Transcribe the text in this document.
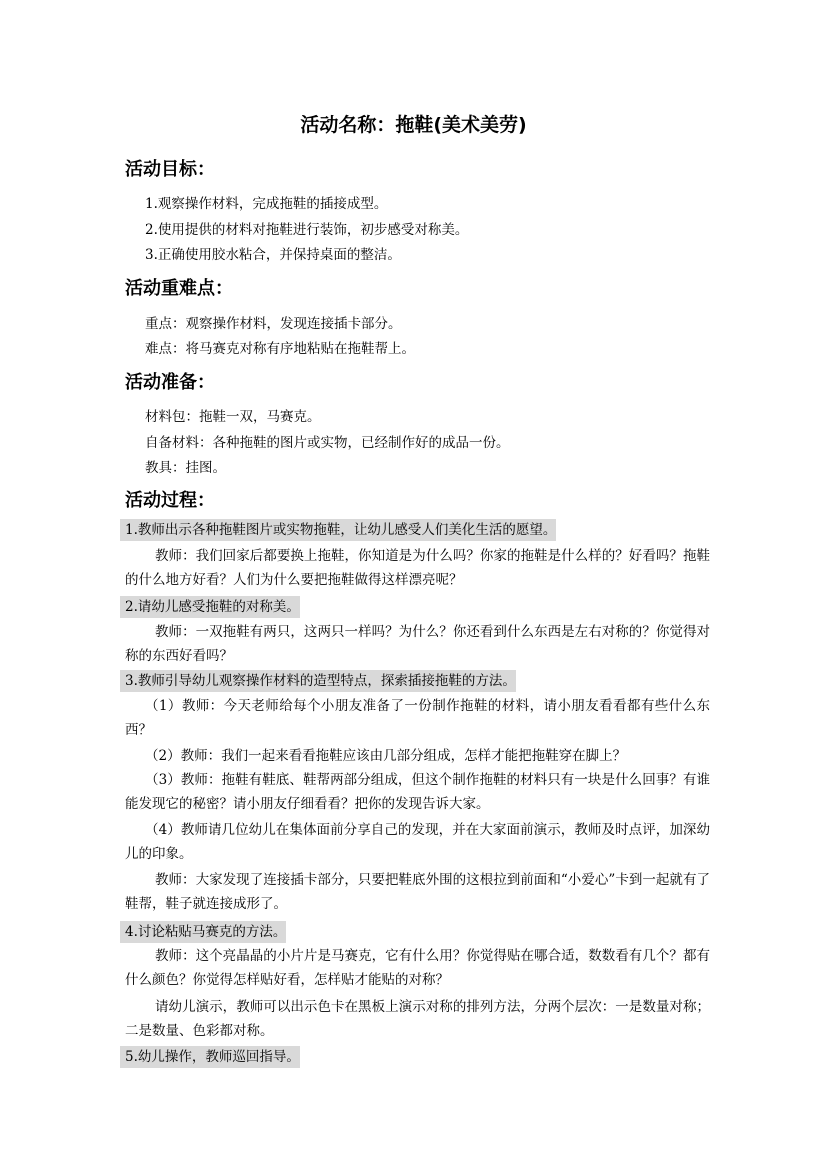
活动名称：拖鞋(美术美劳)
活动目标：
1.观察操作材料，完成拖鞋的插接成型。
2.使用提供的材料对拖鞋进行装饰，初步感受对称美。
3.正确使用胶水粘合，并保持桌面的整洁。
活动重难点：
重点：观察操作材料，发现连接插卡部分。
难点：将马赛克对称有序地粘贴在拖鞋帮上。
活动准备：
材料包：拖鞋一双，马赛克。
自备材料：各种拖鞋的图片或实物，已经制作好的成品一份。
教具：挂图。
活动过程：
1.教师出示各种拖鞋图片或实物拖鞋，让幼儿感受人们美化生活的愿望。
教师：我们回家后都要换上拖鞋，你知道是为什么吗？你家的拖鞋是什么样的？好看吗？拖鞋的什么地方好看？人们为什么要把拖鞋做得这样漂亮呢？
2.请幼儿感受拖鞋的对称美。
教师：一双拖鞋有两只，这两只一样吗？为什么？你还看到什么东西是左右对称的？你觉得对称的东西好看吗？
3.教师引导幼儿观察操作材料的造型特点，探索插接拖鞋的方法。
（1）教师：今天老师给每个小朋友准备了一份制作拖鞋的材料，请小朋友看看都有些什么东西？
（2）教师：我们一起来看看拖鞋应该由几部分组成，怎样才能把拖鞋穿在脚上？
（3）教师：拖鞋有鞋底、鞋帮两部分组成，但这个制作拖鞋的材料只有一块是什么回事？有谁能发现它的秘密？请小朋友仔细看看？把你的发现告诉大家。
（4）教师请几位幼儿在集体面前分享自己的发现，并在大家面前演示，教师及时点评，加深幼儿的印象。
教师：大家发现了连接插卡部分，只要把鞋底外围的这根拉到前面和“小爱心”卡到一起就有了鞋帮，鞋子就连接成形了。
4.讨论粘贴马赛克的方法。
教师：这个亮晶晶的小片片是马赛克，它有什么用？你觉得贴在哪合适，数数看有几个？都有什么颜色？你觉得怎样贴好看，怎样贴才能贴的对称？
请幼儿演示，教师可以出示色卡在黑板上演示对称的排列方法，分两个层次：一是数量对称；二是数量、色彩都对称。
5.幼儿操作，教师巡回指导。
